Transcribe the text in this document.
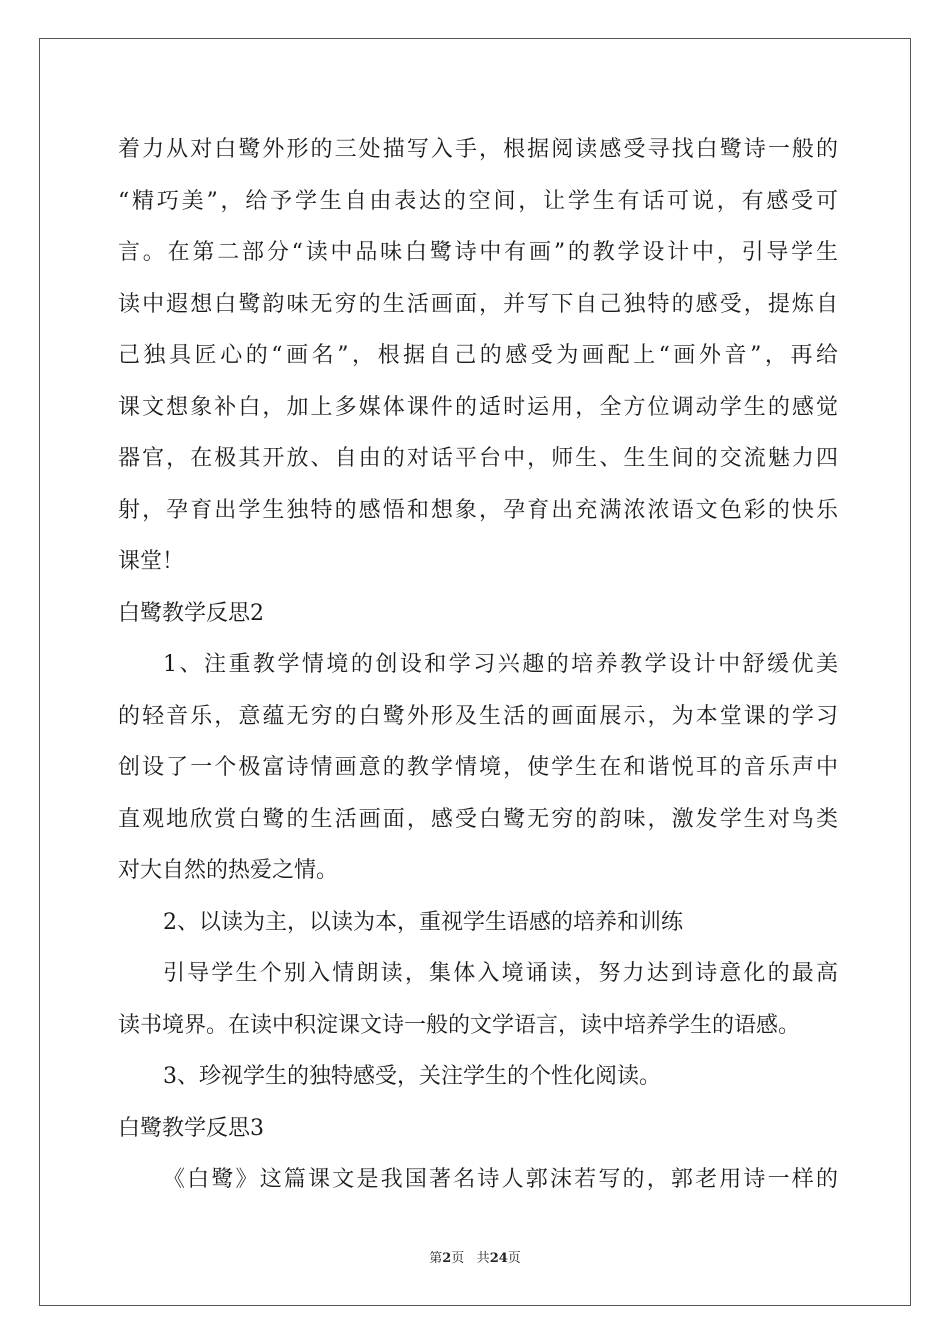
着力从对白鹭外形的三处描写入手，根据阅读感受寻找白鹭诗一般的
“精巧美”，给予学生自由表达的空间，让学生有话可说，有感受可
言。在第二部分“读中品味白鹭诗中有画”的教学设计中，引导学生
读中遐想白鹭韵味无穷的生活画面，并写下自己独特的感受，提炼自
己独具匠心的“画名”，根据自己的感受为画配上“画外音”，再给
课文想象补白，加上多媒体课件的适时运用，全方位调动学生的感觉
器官，在极其开放、自由的对话平台中，师生、生生间的交流魅力四
射，孕育出学生独特的感悟和想象，孕育出充满浓浓语文色彩的快乐
课堂！
白鹭教学反思2
1、注重教学情境的创设和学习兴趣的培养教学设计中舒缓优美
的轻音乐，意蕴无穷的白鹭外形及生活的画面展示，为本堂课的学习
创设了一个极富诗情画意的教学情境，使学生在和谐悦耳的音乐声中
直观地欣赏白鹭的生活画面，感受白鹭无穷的韵味，激发学生对鸟类
对大自然的热爱之情。
2、以读为主，以读为本，重视学生语感的培养和训练
引导学生个别入情朗读，集体入境诵读，努力达到诗意化的最高
读书境界。在读中积淀课文诗一般的文学语言，读中培养学生的语感。
3、珍视学生的独特感受，关注学生的个性化阅读。
白鹭教学反思3
《白鹭》这篇课文是我国著名诗人郭沫若写的，郭老用诗一样的
第2页 共24页
